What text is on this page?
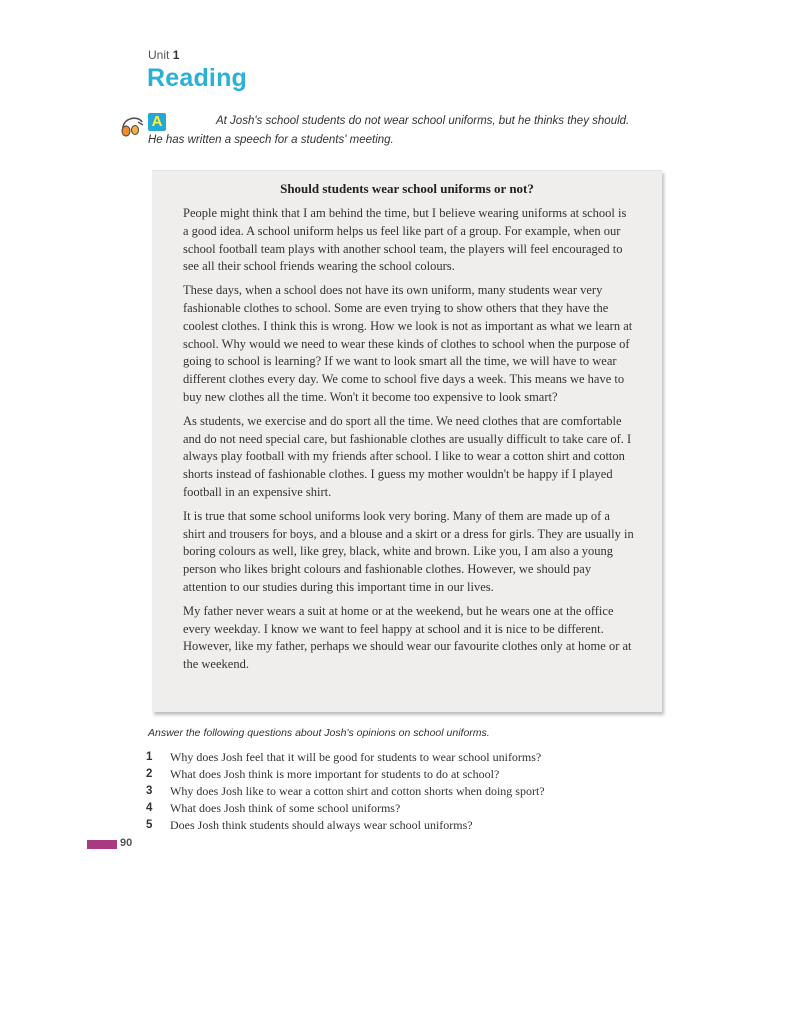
Unit 1
Reading
A	At Josh's school students do not wear school uniforms, but he thinks they should. He has written a speech for a students' meeting.

Should students wear school uniforms or not?

People might think that I am behind the time, but I believe wearing uniforms at school is a good idea. A school uniform helps us feel like part of a group. For example, when our school football team plays with another school team, the players will feel encouraged to see all their school friends wearing the school colours.

These days, when a school does not have its own uniform, many students wear very fashionable clothes to school. Some are even trying to show others that they have the coolest clothes. I think this is wrong. How we look is not as important as what we learn at school. Why would we need to wear these kinds of clothes to school when the purpose of going to school is learning? If we want to look smart all the time, we will have to wear different clothes every day. We come to school five days a week. This means we have to buy new clothes all the time. Won't it become too expensive to look smart?

As students, we exercise and do sport all the time. We need clothes that are comfortable and do not need special care, but fashionable clothes are usually difficult to take care of. I always play football with my friends after school. I like to wear a cotton shirt and cotton shorts instead of fashionable clothes. I guess my mother wouldn't be happy if I played football in an expensive shirt.

It is true that some school uniforms look very boring. Many of them are made up of a shirt and trousers for boys, and a blouse and a skirt or a dress for girls. They are usually in boring colours as well, like grey, black, white and brown. Like you, I am also a young person who likes bright colours and fashionable clothes. However, we should pay attention to our studies during this important time in our lives.

My father never wears a suit at home or at the weekend, but he wears one at the office every weekday. I know we want to feel happy at school and it is nice to be different. However, like my father, perhaps we should wear our favourite clothes only at home or at the weekend.

Answer the following questions about Josh's opinions on school uniforms.
1	Why does Josh feel that it will be good for students to wear school uniforms?
2	What does Josh think is more important for students to do at school?
3	Why does Josh like to wear a cotton shirt and cotton shorts when doing sport?
4	What does Josh think of some school uniforms?
5	Does Josh think students should always wear school uniforms?
90
